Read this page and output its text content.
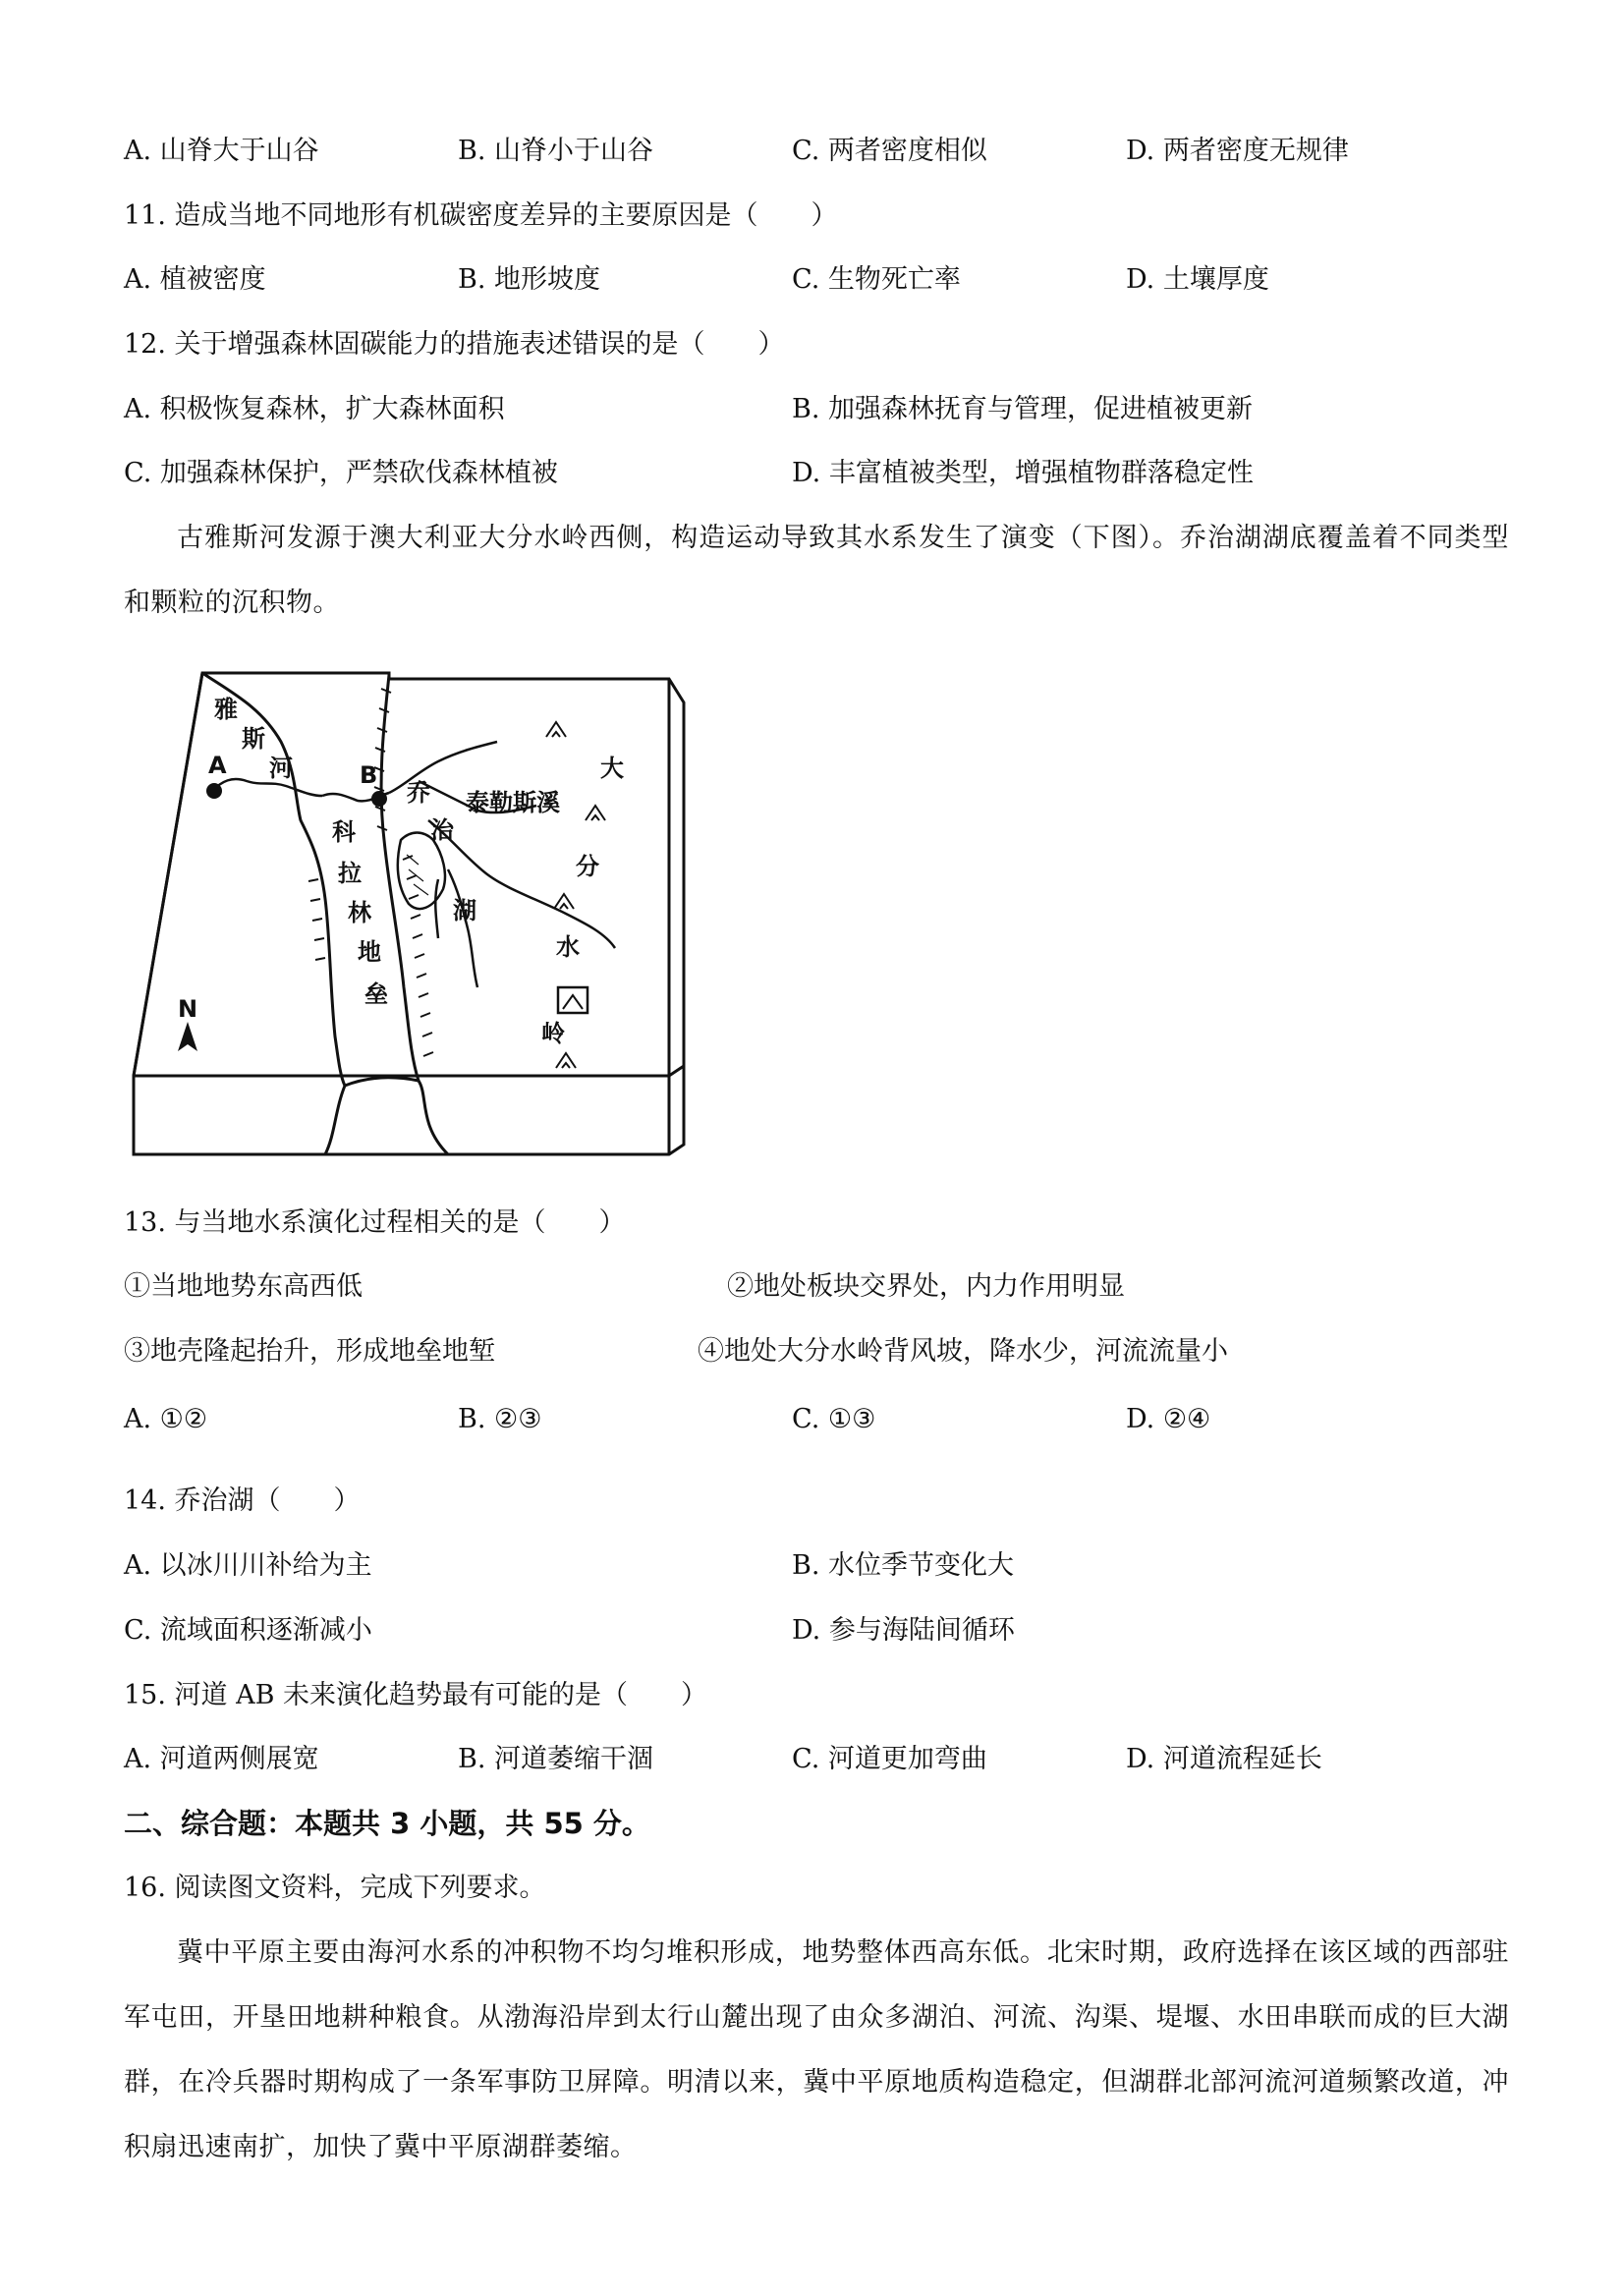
A. 山脊大于山谷	B. 山脊小于山谷	C. 两者密度相似	D. 两者密度无规律
11. 造成当地不同地形有机碳密度差异的主要原因是（　　）
A. 植被密度	B. 地形坡度	C. 生物死亡率	D. 土壤厚度
12. 关于增强森林固碳能力的措施表述错误的是（　　）
A. 积极恢复森林，扩大森林面积	B. 加强森林抚育与管理，促进植被更新
C. 加强森林保护，严禁砍伐森林植被	D. 丰富植被类型，增强植物群落稳定性
古雅斯河发源于澳大利亚大分水岭西侧，构造运动导致其水系发生了演变（下图）。乔治湖湖底覆盖着不同类型和颗粒的沉积物。
雅
斯
河
A	B
科
拉
林
地
垒
乔
治
湖
泰勒斯溪
大
分
水
岭
N
13. 与当地水系演化过程相关的是（　　）
①当地地势东高西低	②地处板块交界处，内力作用明显
③地壳隆起抬升，形成地垒地堑	④地处大分水岭背风坡，降水少，河流流量小
A. ①②	B. ②③	C. ①③	D. ②④
14. 乔治湖（　　）
A. 以冰川川补给为主	B. 水位季节变化大
C. 流域面积逐渐减小	D. 参与海陆间循环
15. 河道 AB 未来演化趋势最有可能的是（　　）
A. 河道两侧展宽	B. 河道萎缩干涸	C. 河道更加弯曲	D. 河道流程延长
二、综合题：本题共 3 小题，共 55 分。
16. 阅读图文资料，完成下列要求。
冀中平原主要由海河水系的冲积物不均匀堆积形成，地势整体西高东低。北宋时期，政府选择在该区域的西部驻军屯田，开垦田地耕种粮食。从渤海沿岸到太行山麓出现了由众多湖泊、河流、沟渠、堤堰、水田串联而成的巨大湖群，在冷兵器时期构成了一条军事防卫屏障。明清以来，冀中平原地质构造稳定，但湖群北部河流河道频繁改道，冲积扇迅速南扩，加快了冀中平原湖群萎缩。
